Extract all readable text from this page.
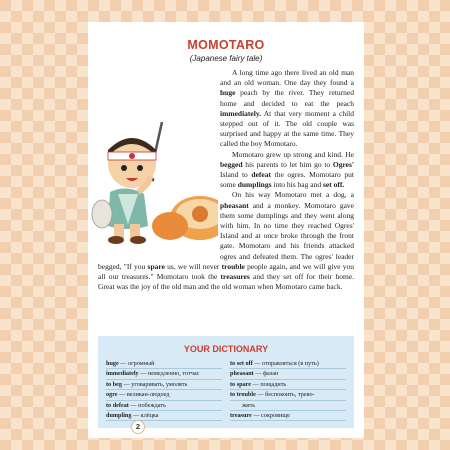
MOMOTARO
(Japanese fairy tale)

A long time ago there lived an old man and an old woman. One day they found a huge peach by the river. They returned home and decided to eat the peach immediately. At that very moment a child stepped out of it. The old couple was surprised and happy at the same time. They called the boy Momotaro.

Momotaro grew up strong and kind. He begged his parents to let him go to Ogres' Island to defeat the ogres. Momotaro put some dumplings into his bag and set off.

On his way Momotaro met a dog, a pheasant and a monkey. Momotaro gave them some dumplings and they went along with him. In no time they reached Ogres' Island and at once broke through the front gate. Momotaro and his friends attacked ogres and defeated them. The ogres' leader begged, "If you spare us, we will never trouble people again, and we will give you all our treasures." Momotaro took the treasures and they set off for their home. Great was the joy of the old man and the old woman when Momotaro came back.

YOUR DICTIONARY
huge — огромный
immediately — немедленно, тотчас
to beg — уговаривать, умолять
ogre — великан-людоед
to defeat — побеждать
dumpling — клёцка
to set off — отправляться (в путь)
pheasant — фазан
to spare — пощадить
to trouble — беспокоить, трево-
жить
treasure — сокровище
2
